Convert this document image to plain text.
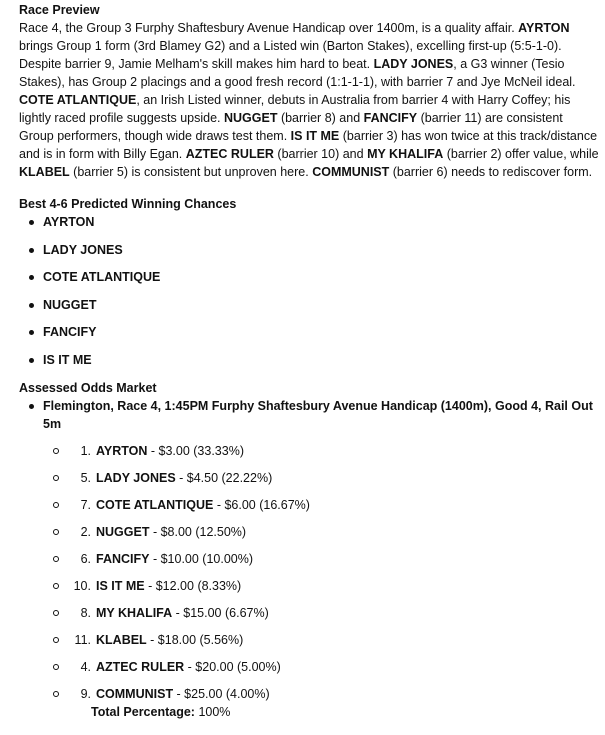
Race Preview

Race 4, the Group 3 Furphy Shaftesbury Avenue Handicap over 1400m, is a quality affair. AYRTON brings Group 1 form (3rd Blamey G2) and a Listed win (Barton Stakes), excelling first-up (5:5-1-0). Despite barrier 9, Jamie Melham's skill makes him hard to beat. LADY JONES, a G3 winner (Tesio Stakes), has Group 2 placings and a good fresh record (1:1-1-1), with barrier 7 and Jye McNeil ideal. COTE ATLANTIQUE, an Irish Listed winner, debuts in Australia from barrier 4 with Harry Coffey; his lightly raced profile suggests upside. NUGGET (barrier 8) and FANCIFY (barrier 11) are consistent Group performers, though wide draws test them. IS IT ME (barrier 3) has won twice at this track/distance and is in form with Billy Egan. AZTEC RULER (barrier 10) and MY KHALIFA (barrier 2) offer value, while KLABEL (barrier 5) is consistent but unproven here. COMMUNIST (barrier 6) needs to rediscover form.

Best 4-6 Predicted Winning Chances
AYRTON
LADY JONES
COTE ATLANTIQUE
NUGGET
FANCIFY
IS IT ME
Assessed Odds Market
Flemington, Race 4, 1:45PM Furphy Shaftesbury Avenue Handicap (1400m), Good 4, Rail Out 5m
1. AYRTON - $3.00 (33.33%)
5. LADY JONES - $4.50 (22.22%)
7. COTE ATLANTIQUE - $6.00 (16.67%)
2. NUGGET - $8.00 (12.50%)
6. FANCIFY - $10.00 (10.00%)
10. IS IT ME - $12.00 (8.33%)
8. MY KHALIFA - $15.00 (6.67%)
11. KLABEL - $18.00 (5.56%)
4. AZTEC RULER - $20.00 (5.00%)
9. COMMUNIST - $25.00 (4.00%)
Total Percentage: 100%
